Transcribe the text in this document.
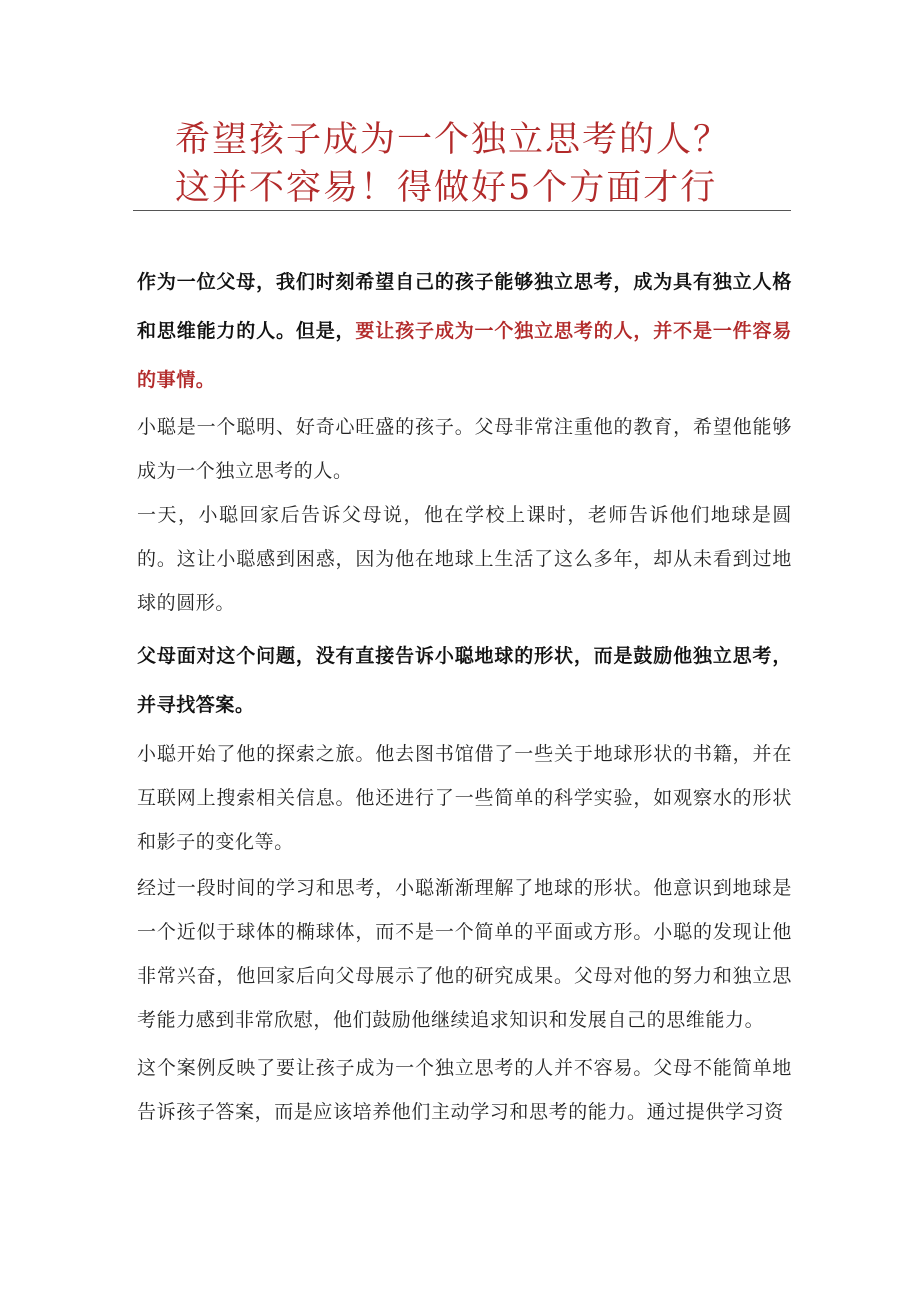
希望孩子成为一个独立思考的人？
这并不容易！得做好5个方面才行

作为一位父母，我们时刻希望自己的孩子能够独立思考，成为具有独立人格和思维能力的人。但是，要让孩子成为一个独立思考的人，并不是一件容易的事情。

小聪是一个聪明、好奇心旺盛的孩子。父母非常注重他的教育，希望他能够成为一个独立思考的人。

一天，小聪回家后告诉父母说，他在学校上课时，老师告诉他们地球是圆的。这让小聪感到困惑，因为他在地球上生活了这么多年，却从未看到过地球的圆形。

父母面对这个问题，没有直接告诉小聪地球的形状，而是鼓励他独立思考，并寻找答案。

小聪开始了他的探索之旅。他去图书馆借了一些关于地球形状的书籍，并在互联网上搜索相关信息。他还进行了一些简单的科学实验，如观察水的形状和影子的变化等。

经过一段时间的学习和思考，小聪渐渐理解了地球的形状。他意识到地球是一个近似于球体的椭球体，而不是一个简单的平面或方形。小聪的发现让他非常兴奋，他回家后向父母展示了他的研究成果。父母对他的努力和独立思考能力感到非常欣慰，他们鼓励他继续追求知识和发展自己的思维能力。

这个案例反映了要让孩子成为一个独立思考的人并不容易。父母不能简单地告诉孩子答案，而是应该培养他们主动学习和思考的能力。通过提供学习资
